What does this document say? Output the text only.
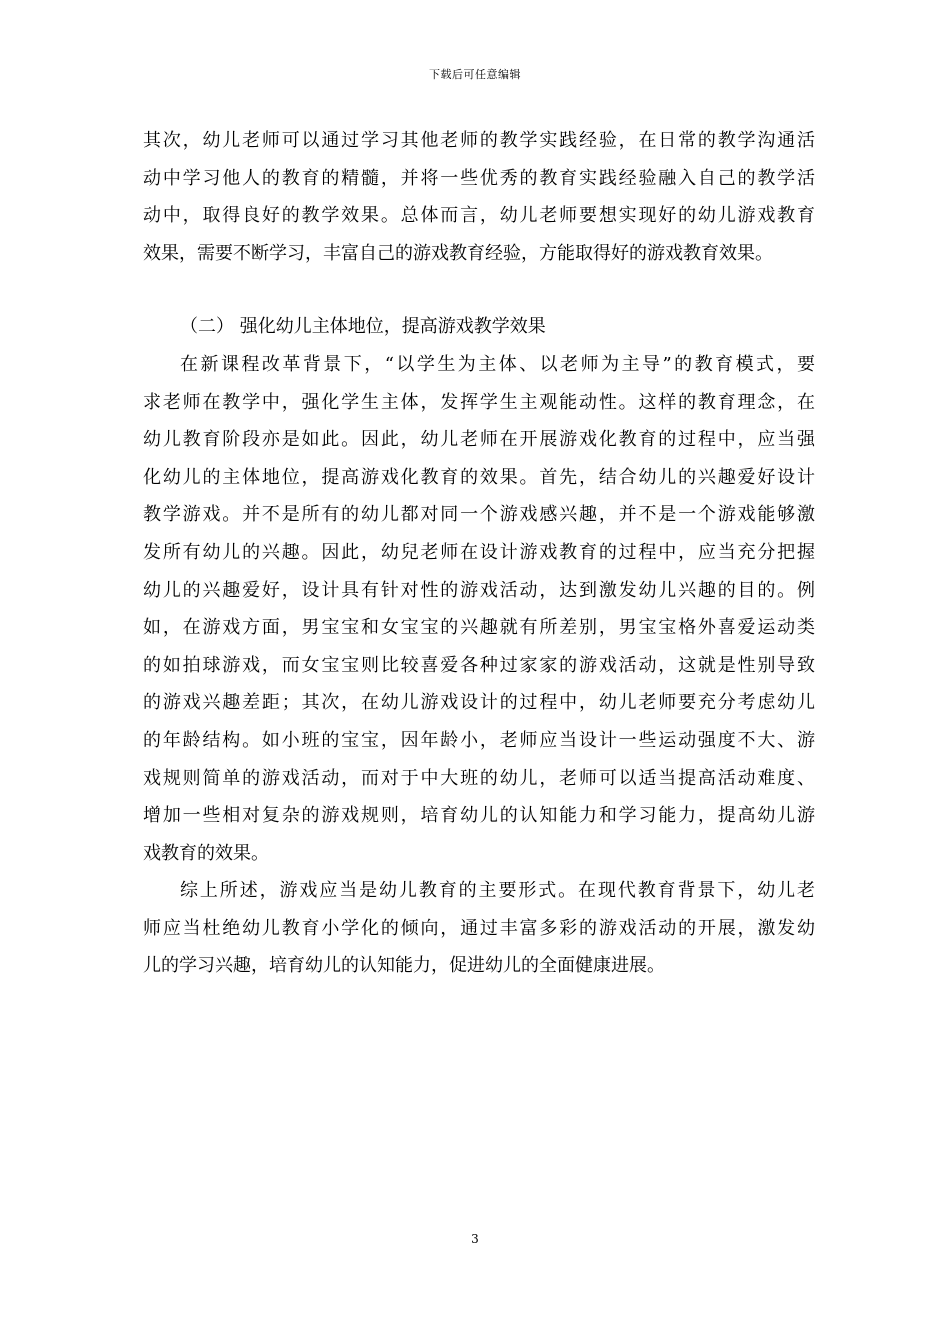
下载后可任意编辑
其次，幼儿老师可以通过学习其他老师的教学实践经验，在日常的教学沟通活
动中学习他人的教育的精髓，并将一些优秀的教育实践经验融入自己的教学活
动中，取得良好的教学效果。总体而言，幼儿老师要想实现好的幼儿游戏教育
效果，需要不断学习，丰富自己的游戏教育经验，方能取得好的游戏教育效果。
（二） 强化幼儿主体地位，提高游戏教学效果
在新课程改革背景下，“以学生为主体、以老师为主导”的教育模式，要
求老师在教学中，强化学生主体，发挥学生主观能动性。这样的教育理念，在
幼儿教育阶段亦是如此。因此，幼儿老师在开展游戏化教育的过程中，应当强
化幼儿的主体地位，提高游戏化教育的效果。首先，结合幼儿的兴趣爱好设计
教学游戏。并不是所有的幼儿都对同一个游戏感兴趣，并不是一个游戏能够激
发所有幼儿的兴趣。因此，幼兒老师在设计游戏教育的过程中，应当充分把握
幼儿的兴趣爱好，设计具有针对性的游戏活动，达到激发幼儿兴趣的目的。例
如，在游戏方面，男宝宝和女宝宝的兴趣就有所差别，男宝宝格外喜爱运动类
的如拍球游戏，而女宝宝则比较喜爱各种过家家的游戏活动，这就是性别导致
的游戏兴趣差距；其次，在幼儿游戏设计的过程中，幼儿老师要充分考虑幼儿
的年龄结构。如小班的宝宝，因年龄小，老师应当设计一些运动强度不大、游
戏规则简单的游戏活动，而对于中大班的幼儿，老师可以适当提高活动难度、
增加一些相对复杂的游戏规则，培育幼儿的认知能力和学习能力，提高幼儿游
戏教育的效果。
综上所述，游戏应当是幼儿教育的主要形式。在现代教育背景下，幼儿老
师应当杜绝幼儿教育小学化的倾向，通过丰富多彩的游戏活动的开展，激发幼
儿的学习兴趣，培育幼儿的认知能力，促进幼儿的全面健康进展。
3
